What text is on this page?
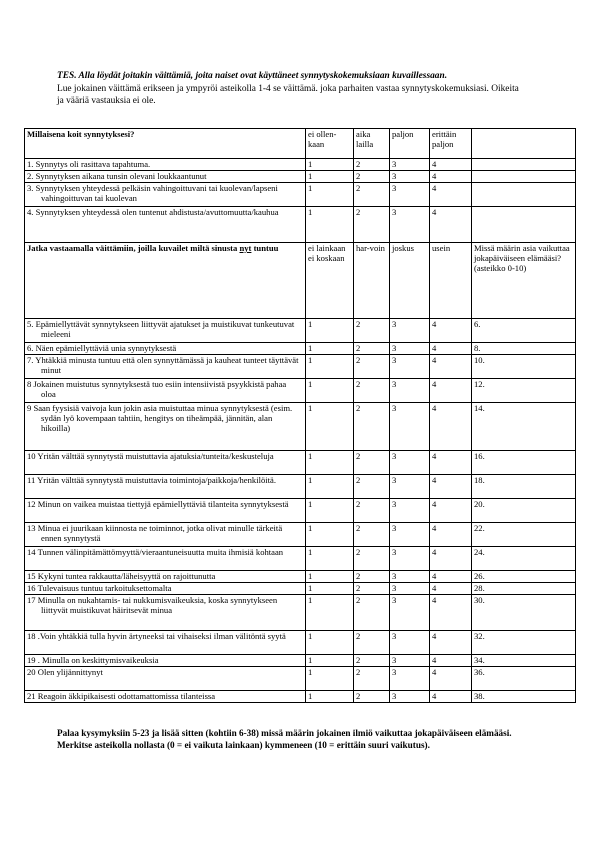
TES. Alla löydät joitakin väittämiä, joita naiset ovat käyttäneet synnytyskokemuksiaan kuvaillessaan.
Lue jokainen väittämä erikseen ja ympyröi asteikolla 1-4 se väittämä. joka parhaiten vastaa synnytyskokemuksiasi. Oikeita ja vääriä vastauksia ei ole.
Millaisena koit synnytyksesi?	ei ollen-kaan	aika lailla	paljon	erittäin paljon	
1. Synnytys oli rasittava tapahtuma.	1	2	3	4	
2. Synnytyksen aikana tunsin olevani loukkaantunut	1	2	3	4	
3. Synnytyksen yhteydessä pelkäsin vahingoittuvani tai kuolevan/lapseni vahingoittuvan tai kuolevan	1	2	3	4	
4. Synnytyksen yhteydessä olen tuntenut ahdistusta/avuttomuutta/kauhua	1	2	3	4	
Jatka vastaamalla väittämiin, joilla kuvailet miltä sinusta nyt tuntuu	ei lainkaan ei koskaan	har-voin	joskus	usein	Missä määrin asia vaikuttaa jokapäiväiseen elämääsi? (asteikko 0-10)
5. Epämiellyttävät synnytykseen liittyvät ajatukset ja muistikuvat tunkeutuvat mieleeni	1	2	3	4	6.
6. Näen epämiellyttäviä unia synnytyksestä	1	2	3	4	8.
7. Yhtäkkiä minusta tuntuu että olen synnyttämässä ja kauheat tunteet täyttävät minut	1	2	3	4	10.
8 Jokainen muistutus synnytyksestä tuo esiin intensiivistä psyykkistä pahaa oloa	1	2	3	4	12.
9 Saan fyysisiä vaivoja kun jokin asia muistuttaa minua synnytyksestä (esim. sydän lyö kovempaan tahtiin, hengitys on tiheämpää, jännitän, alan hikoilla)	1	2	3	4	14.
10 Yritän välttää synnytystä muistuttavia ajatuksia/tunteita/keskusteluja	1	2	3	4	16.
11 Yritän välttää synnytystä muistuttavia toimintoja/paikkoja/henkilöitä.	1	2	3	4	18.
12 Minun on vaikea muistaa tiettyjä epämiellyttäviä tilanteita synnytyksestä	1	2	3	4	20.
13 Minua ei juurikaan kiinnosta ne toiminnot, jotka olivat minulle tärkeitä ennen synnytystä	1	2	3	4	22.
14 Tunnen välinpitämättömyyttä/vieraantuneisuutta muita ihmisiä kohtaan	1	2	3	4	24.
15 Kykyni tuntea rakkautta/läheisyyttä on rajoittunutta	1	2	3	4	26.
16 Tulevaisuus tuntuu tarkoituksettomalta	1	2	3	4	28.
17 Minulla on nukahtamis- tai nukkumisvaikeuksia, koska synnytykseen liittyvät muistikuvat häiritsevät minua	1	2	3	4	30.
18 .Voin yhtäkkiä tulla hyvin ärtyneeksi tai vihaiseksi ilman välitöntä syytä	1	2	3	4	32.
19 . Minulla on keskittymisvaikeuksia	1	2	3	4	34.
20 Olen ylijännittynyt	1	2	3	4	36.
21 Reagoin äkkipikaisesti odottamattomissa tilanteissa	1	2	3	4	38.
Palaa kysymyksiin 5-23 ja lisää sitten (kohtiin 6-38) missä määrin jokainen ilmiö vaikuttaa jokapäiväiseen elämääsi. Merkitse asteikolla nollasta (0 = ei vaikuta lainkaan) kymmeneen (10 = erittäin suuri vaikutus).
